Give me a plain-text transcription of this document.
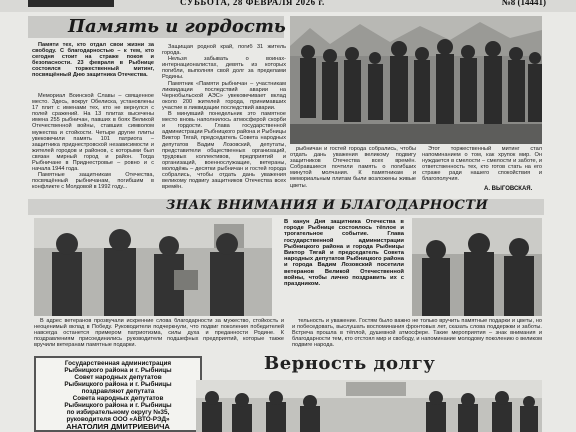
СУББОТА, 28 ФЕВРАЛЯ 2026 г.	№8 (14441)
Память и гордость

Памяти тех, кто отдал свои жизни за свободу. С благодарностью – к тем, кто сегодня стоит на страже покоя и безопасности. 23 февраля в Рыбнице состоялся торжественный митинг, посвящённый Дню защитника Отечества.

Мемориал Воинской Славы – священное место. Здесь, вокруг Обелиска, установлены 17 плит с именами тех, кто не вернулся с полей сражений. На 13 плитах высечены имена 255 рыбничан, павших в боях Великой Отечественной войны, ставших символом мужества и стойкости. Четыре другие плиты увековечили память 101 патриота – защитника приднестровской независимости и жителей городов и районов, с которыми был связан мирный город и район. Тогда Рыбничане в Приднестровье – ровно и с начала 1944 года.

Памятные защитникам Отечества, посвящённый рыбничанам, погибшим в конфликте с Молдовой в 1992 году...

Защищая родной край, погиб 31 житель города.

Нельзя забывать о воинах-интернационалистах, девять из которых погибли, выполняя свой долг за пределами Родины.

Памятник «Памяти рыбничан – участникам ликвидации последствий аварии на Чернобыльской АЭС» увековечивает вклад около 200 жителей города, принимавших участие в ликвидации последствий аварии.

В минувший понедельник это памятное место вновь наполнилось атмосферой скорби и гордости. Глава государственной администрации Рыбницкого района и Рыбницы Виктор Тягай, председатель Совета народных депутатов Вадим Лозовский, депутаты, представители общественных организаций, трудовых коллективов, предприятий и организаций, военнослужащие, ветераны, молодёжь – десятки рыбничан и гостей города собрались, чтобы отдать дань уважения великому подвигу защитников Отечества всех времён.

рыбничан и гостей города собрались, чтобы отдать дань уважения великому подвигу защитников Отечества всех времён. Собравшиеся почтили память о погибших минутой молчания. К памятникам и мемориальным плитам были возложены живые цветы.

Этот торжественный митинг стал напоминанием о том, как хрупок мир. Он нуждается в смелости – смелости и заботе, и ответственность тех, кто готов стать на его страже ради нашего спокойствия и благополучия.

А. ВЫГОВСКАЯ.
ЗНАК ВНИМАНИЯ И БЛАГОДАРНОСТИ
В канун Дня защитника Отечества в городе Рыбнице состоялось тёплое и трогательное событие. Глава государственной администрации Рыбницкого района и города Рыбницы Виктор Тягай и председатель Совета народных депутатов Рыбницкого района и города Вадим Лозовский посетили ветеранов Великой Отечественной войны, чтобы лично поздравить их с праздником.

В адрес ветеранов прозвучали искренние слова благодарности за мужество, стойкость и неоценимый вклад в Победу. Руководители подчеркнули, что подвиг поколения победителей навсегда останется примером патриотизма, силы духа и преданности Родине. К поздравлениям присоединились руководители подшефных предприятий, которые также вручили ветеранам памятные подарки.

тельность и уважение. Гостям было важно не только вручить памятные подарки и цветы, но и побеседовать, выслушать воспоминания фронтовых лет, сказать слова поддержки и заботы. Встреча прошла в тёплой, душевной атмосфере. Такие мероприятия – знак внимания и благодарности тем, кто отстоял мир и свободу, и напоминание молодому поколению о великом подвиге народа.

Государственная администрация
Рыбницкого района и г. Рыбницы
Совет народных депутатов
Рыбницкого района и г. Рыбницы
поздравляют депутата
Совета народных депутатов
Рыбницкого района и г. Рыбницы
по избирательному округу №35,
руководителя ООО «АВТО-РЭД»
АНАТОЛИЯ ДМИТРИЕВИЧА
Верность долгу
